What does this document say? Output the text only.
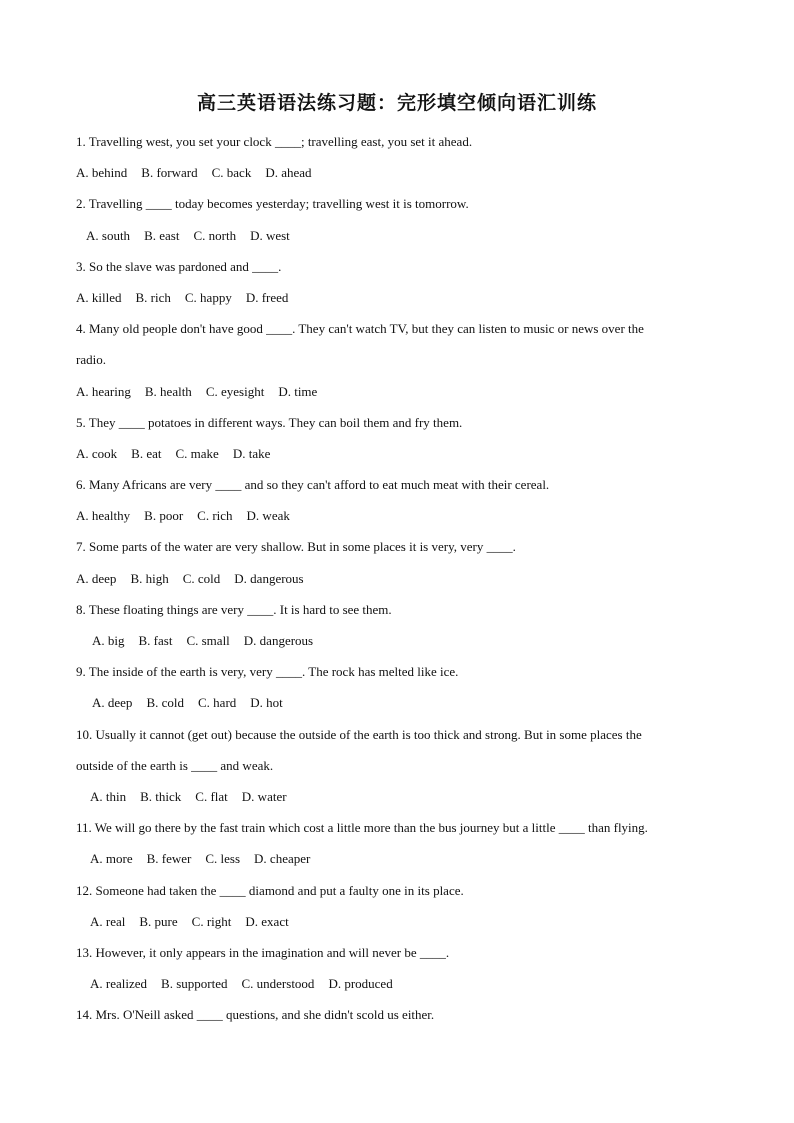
高三英语语法练习题：完形填空倾向语汇训练
1. Travelling west, you set your clock ____; travelling east, you set it ahead.
A. behind B. forward C. back D. ahead
2. Travelling ____ today becomes yesterday; travelling west it is tomorrow.
A. south B. east C. north D. west
3. So the slave was pardoned and ____.
A. killed B. rich C. happy D. freed
4. Many old people don't have good ____. They can't watch TV, but they can listen to music or news over the
radio.
A. hearing B. health C. eyesight D. time
5. They ____ potatoes in different ways. They can boil them and fry them.
A. cook B. eat C. make D. take
6. Many Africans are very ____ and so they can't afford to eat much meat with their cereal.
A. healthy B. poor C. rich D. weak
7. Some parts of the water are very shallow. But in some places it is very, very ____.
A. deep B. high C. cold D. dangerous
8. These floating things are very ____. It is hard to see them.
A. big B. fast C. small D. dangerous
9. The inside of the earth is very, very ____. The rock has melted like ice.
A. deep B. cold C. hard D. hot
10. Usually it cannot (get out) because the outside of the earth is too thick and strong. But in some places the
outside of the earth is ____ and weak.
A. thin B. thick C. flat D. water
11. We will go there by the fast train which cost a little more than the bus journey but a little ____ than flying.
A. more B. fewer C. less D. cheaper
12. Someone had taken the ____ diamond and put a faulty one in its place.
A. real B. pure C. right D. exact
13. However, it only appears in the imagination and will never be ____.
A. realized B. supported C. understood D. produced
14. Mrs. O'Neill asked ____ questions, and she didn't scold us either.
